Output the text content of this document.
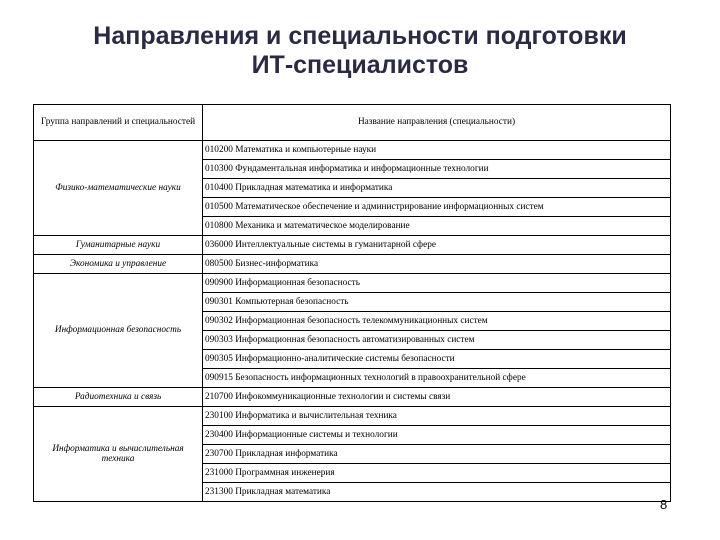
Направления и специальности подготовки
ИТ-специалистов
Группа направлений и специальностей	Название направления (специальности)
Физико-математические науки	010200 Математика и компьютерные науки
	010300 Фундаментальная информатика и информационные технологии
	010400 Прикладная математика и информатика
	010500 Математическое обеспечение и администрирование информационных систем
	010800 Механика и математическое моделирование
Гуманитарные науки	036000 Интеллектуальные системы в гуманитарной сфере
Экономика и управление	080500 Бизнес-информатика
Информационная безопасность	090900 Информационная безопасность
	090301 Компьютерная безопасность
	090302 Информационная безопасность телекоммуникационных систем
	090303 Информационная безопасность автоматизированных систем
	090305 Информационно-аналитические системы безопасности
	090915 Безопасность информационных технологий в правоохранительной сфере
Радиотехника и связь	210700 Инфокоммуникационные технологии и системы связи
Информатика и вычислительная техника	230100 Информатика и вычислительная техника
	230400 Информационные системы и технологии
	230700 Прикладная информатика
	231000 Программная инженерия
	231300 Прикладная математика
8
